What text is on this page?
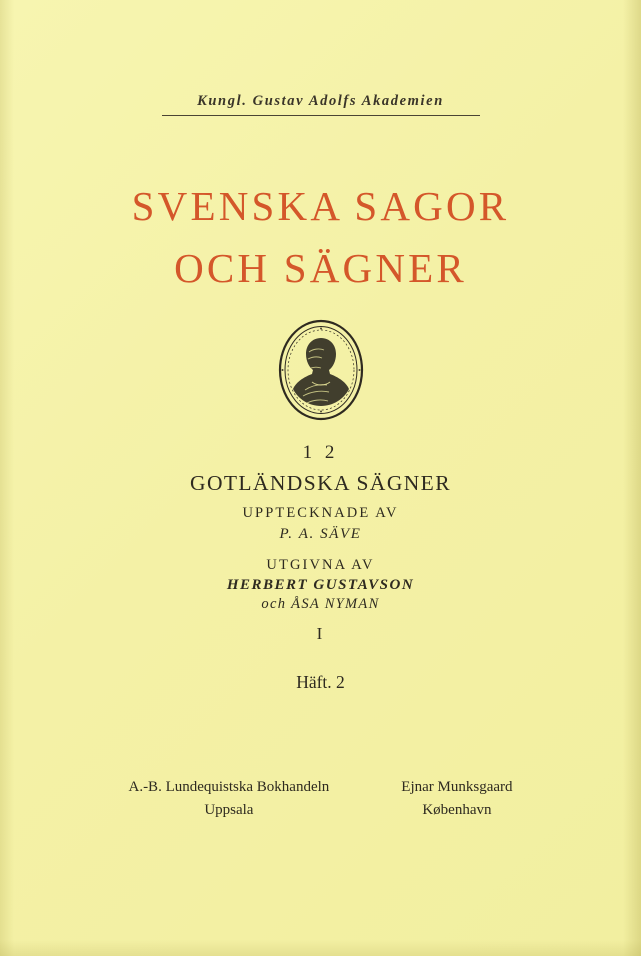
Kungl. Gustav Adolfs Akademien
SVENSKA SAGOR
OCH SÄGNER
1 2
GOTLÄNDSKA SÄGNER
UPPTECKNADE AV
P. A. SÄVE
UTGIVNA AV
HERBERT GUSTAVSON
och ÅSA NYMAN
I
Häft. 2
A.-B. Lundequistska Bokhandeln
Uppsala
Ejnar Munksgaard
København
